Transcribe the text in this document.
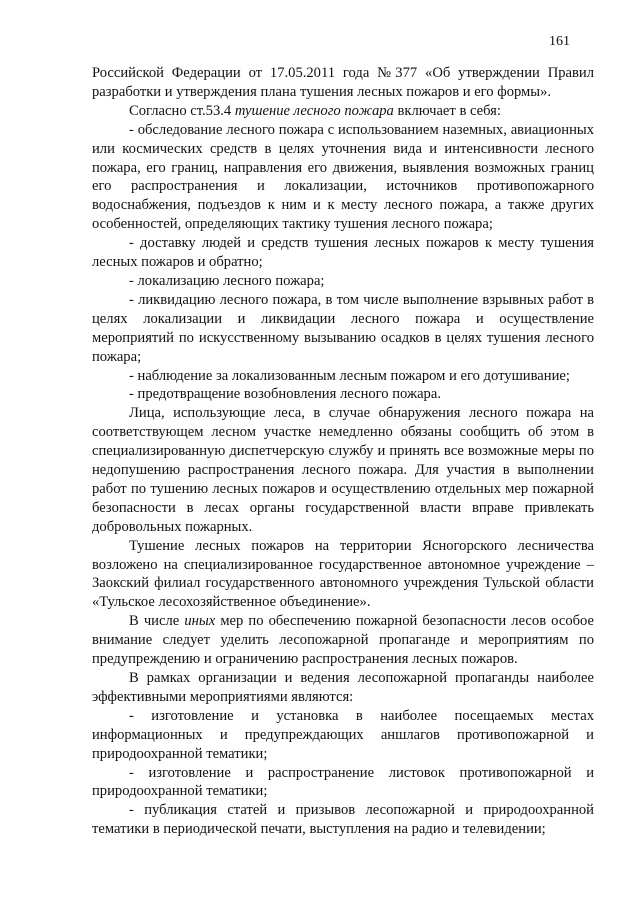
161

Российской Федерации от 17.05.2011 года №377 «Об утверждении Правил разработки и утверждения плана тушения лесных пожаров и его формы».

Согласно ст.53.4 тушение лесного пожара включает в себя:

- обследование лесного пожара с использованием наземных, авиационных или космических средств в целях уточнения вида и интенсивности лесного пожара, его границ, направления его движения, выявления возможных границ его распространения и локализации, источников противопожарного водоснабжения, подъездов к ним и к месту лесного пожара, а также других особенностей, определяющих тактику тушения лесного пожара;

- доставку людей и средств тушения лесных пожаров к месту тушения лесных пожаров и обратно;

- локализацию лесного пожара;

- ликвидацию лесного пожара, в том числе выполнение взрывных работ в целях локализации и ликвидации лесного пожара и осуществление мероприятий по искусственному вызыванию осадков в целях тушения лесного пожара;

- наблюдение за локализованным лесным пожаром и его дотушивание;

- предотвращение возобновления лесного пожара.

Лица, использующие леса, в случае обнаружения лесного пожара на соответствующем лесном участке немедленно обязаны сообщить об этом в специализированную диспетчерскую службу и принять все возможные меры по недопушению распространения лесного пожара. Для участия в выполнении работ по тушению лесных пожаров и осуществлению отдельных мер пожарной безопасности в лесах органы государственной власти вправе привлекать добровольных пожарных.

Тушение лесных пожаров на территории Ясногорского лесничества возложено на специализированное государственное автономное учреждение – Заокский филиал государственного автономного учреждения Тульской области «Тульское лесохозяйственное объединение».

В числе иных мер по обеспечению пожарной безопасности лесов особое внимание следует уделить лесопожарной пропаганде и мероприятиям по предупреждению и ограничению распространения лесных пожаров.

В рамках организации и ведения лесопожарной пропаганды наиболее эффективными мероприятиями являются:

- изготовление и установка в наиболее посещаемых местах информационных и предупреждающих аншлагов противопожарной и природоохранной тематики;

- изготовление и распространение листовок противопожарной и природоохранной тематики;

- публикация статей и призывов лесопожарной и природоохранной тематики в периодической печати, выступления на радио и телевидении;
